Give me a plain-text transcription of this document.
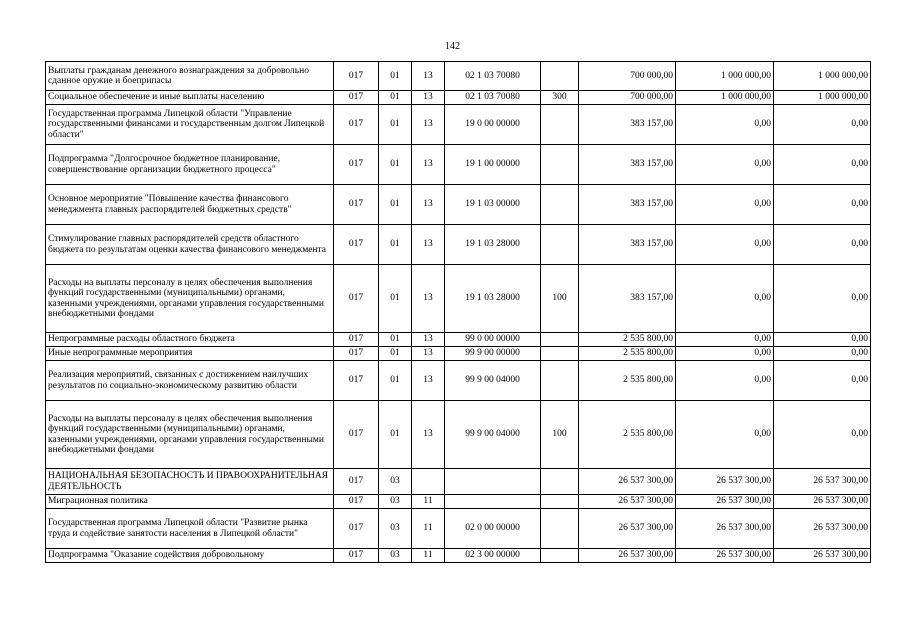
142
Выплаты гражданам денежного вознаграждения за добровольно сданное оружие и боеприпасы	017	01	13	02 1 03 70080		700 000,00	1 000 000,00	1 000 000,00
Социальное обеспечение и иные выплаты населению	017	01	13	02 1 03 70080	300	700 000,00	1 000 000,00	1 000 000,00
Государственная программа Липецкой области "Управление государственными финансами и государственным долгом Липецкой области"	017	01	13	19 0 00 00000		383 157,00	0,00	0,00
Подпрограмма "Долгосрочное бюджетное планирование, совершенствование организации бюджетного процесса"	017	01	13	19 1 00 00000		383 157,00	0,00	0,00
Основное мероприятие "Повышение качества финансового менеджмента главных распорядителей бюджетных средств"	017	01	13	19 1 03 00000		383 157,00	0,00	0,00
Стимулирование главных распорядителей средств областного бюджета по результатам оценки качества финансового менеджмента	017	01	13	19 1 03 28000		383 157,00	0,00	0,00
Расходы на выплаты персоналу в целях обеспечения выполнения функций государственными (муниципальными) органами, казенными учреждениями, органами управления государственными внебюджетными фондами	017	01	13	19 1 03 28000	100	383 157,00	0,00	0,00
Непрограммные расходы областного бюджета	017	01	13	99 0 00 00000		2 535 800,00	0,00	0,00
Иные непрограммные мероприятия	017	01	13	99 9 00 00000		2 535 800,00	0,00	0,00
Реализация мероприятий, связанных с достижением наилучших результатов по социально-экономическому развитию области	017	01	13	99 9 00 04000		2 535 800,00	0,00	0,00
Расходы на выплаты персоналу в целях обеспечения выполнения функций государственными (муниципальными) органами, казенными учреждениями, органами управления государственными внебюджетными фондами	017	01	13	99 9 00 04000	100	2 535 800,00	0,00	0,00
НАЦИОНАЛЬНАЯ БЕЗОПАСНОСТЬ И ПРАВООХРАНИТЕЛЬНАЯ ДЕЯТЕЛЬНОСТЬ	017	03				26 537 300,00	26 537 300,00	26 537 300,00
Миграционная политика	017	03	11			26 537 300,00	26 537 300,00	26 537 300,00
Государственная программа Липецкой области "Развитие рынка труда и содействие занятости населения в Липецкой области"	017	03	11	02 0 00 00000		26 537 300,00	26 537 300,00	26 537 300,00
Подпрограмма "Оказание содействия добровольному	017	03	11	02 3 00 00000		26 537 300,00	26 537 300,00	26 537 300,00
